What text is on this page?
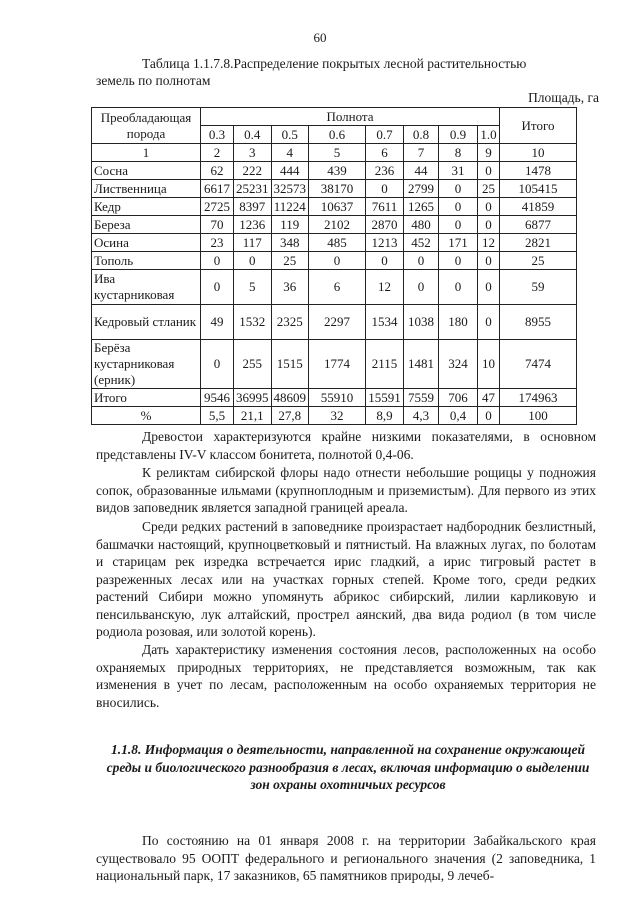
60
Таблица 1.1.7.8.Распределение покрытых лесной растительностью
земель по полнотам
Площадь, га
Преобладающая порода	Полнота								Итого
	0.3	0.4	0.5	0.6	0.7	0.8	0.9	1.0	
1	2	3	4	5	6	7	8	9	10
Сосна	62	222	444	439	236	44	31	0	1478
Лиственница	6617	25231	32573	38170	0	2799	0	25	105415
Кедр	2725	8397	11224	10637	7611	1265	0	0	41859
Береза	70	1236	119	2102	2870	480	0	0	6877
Осина	23	117	348	485	1213	452	171	12	2821
Тополь	0	0	25	0	0	0	0	0	25
Ива кустарниковая	0	5	36	6	12	0	0	0	59
Кедровый стланик	49	1532	2325	2297	1534	1038	180	0	8955
Берёза кустарниковая (ерник)	0	255	1515	1774	2115	1481	324	10	7474
Итого	9546	36995	48609	55910	15591	7559	706	47	174963
%	5,5	21,1	27,8	32	8,9	4,3	0,4	0	100

Древостои характеризуются крайне низкими показателями, в основном представлены IV-V классом бонитета, полнотой 0,4-06.

К реликтам сибирской флоры надо отнести небольшие рощицы у подножия сопок, образованные ильмами (крупноплодным и приземистым). Для первого из этих видов заповедник является западной границей ареала.

Среди редких растений в заповеднике произрастает надбородник безлистный, башмачки настоящий, крупноцветковый и пятнистый. На влажных лугах, по болотам и старицам рек изредка встречается ирис гладкий, а ирис тигровый растет в разреженных лесах или на участках горных степей. Кроме того, среди редких растений Сибири можно упомянуть абрикос сибирский, лилии карликовую и пенсильванскую, лук алтайский, прострел аянский, два вида родиол (в том числе родиола розовая, или золотой корень).

Дать характеристику изменения состояния лесов, расположенных на особо охраняемых природных территориях, не представляется возможным, так как изменения в учет по лесам, расположенным на особо охраняемых территория не вносились.

1.1.8. Информация о деятельности, направленной на сохранение окружающей среды и биологического разнообразия в лесах, включая информацию о выделении зон охраны охотничьих ресурсов

По состоянию на 01 января 2008 г. на территории Забайкальского края существовало 95 ООПТ федерального и регионального значения (2 заповедника, 1 национальный парк, 17 заказников, 65 памятников природы, 9 лечеб-
